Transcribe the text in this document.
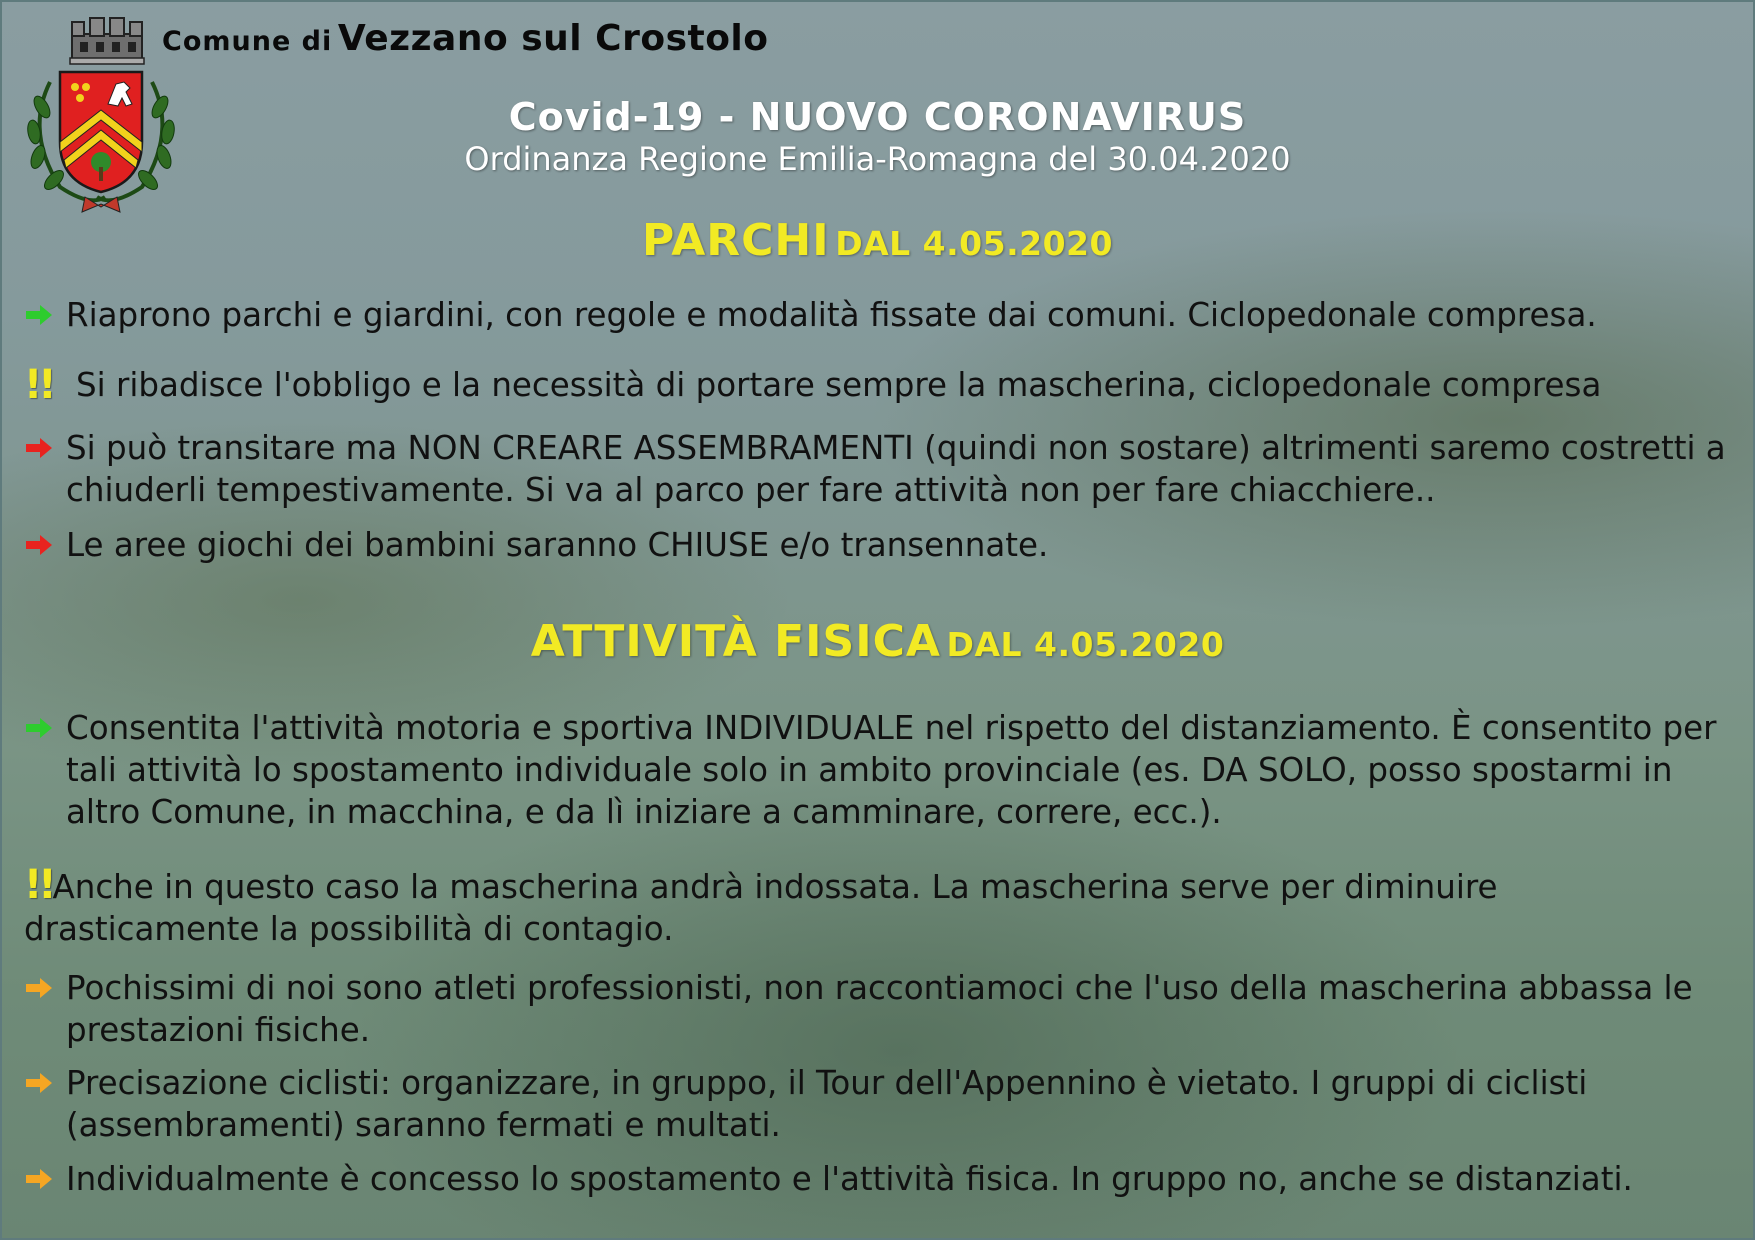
Comune di Vezzano sul Crostolo
Covid-19 - NUOVO CORONAVIRUS
Ordinanza Regione Emilia-Romagna del 30.04.2020
PARCHI DAL 4.05.2020
Riaprono parchi e giardini, con regole e modalità fissate dai comuni. Ciclopedonale compresa.
!! Si ribadisce l'obbligo e la necessità di portare sempre la mascherina, ciclopedonale compresa
Si può transitare ma NON CREARE ASSEMBRAMENTI (quindi non sostare) altrimenti saremo costretti a chiuderli tempestivamente. Si va al parco per fare attività non per fare chiacchiere..
Le aree giochi dei bambini saranno CHIUSE e/o transennate.
ATTIVITÀ FISICA DAL 4.05.2020
Consentita l'attività motoria e sportiva INDIVIDUALE nel rispetto del distanziamento. È consentito per tali attività lo spostamento individuale solo in ambito provinciale (es. DA SOLO, posso spostarmi in altro Comune, in macchina, e da lì iniziare a camminare, correre, ecc.).
!!Anche in questo caso la mascherina andrà indossata. La mascherina serve per diminuire drasticamente la possibilità di contagio.
Pochissimi di noi sono atleti professionisti, non raccontiamoci che l'uso della mascherina abbassa le prestazioni fisiche.
Precisazione ciclisti: organizzare, in gruppo, il Tour dell'Appennino è vietato. I gruppi di ciclisti (assembramenti) saranno fermati e multati.
Individualmente è concesso lo spostamento e l'attività fisica. In gruppo no, anche se distanziati.
